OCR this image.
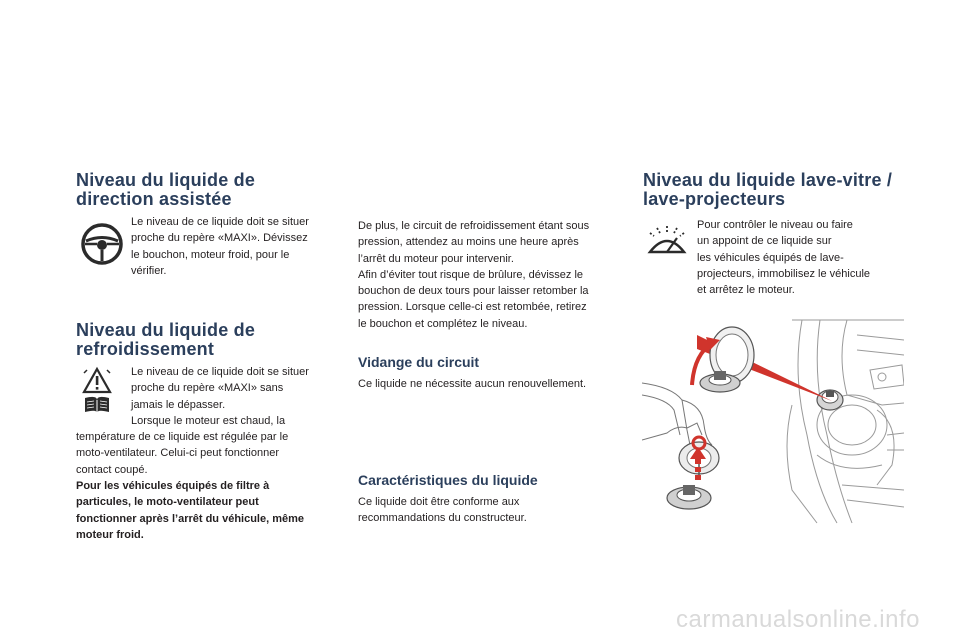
Niveau du liquide de
direction assistée
Le niveau de ce liquide doit se situer
proche du repère «MAXI». Dévissez
le bouchon, moteur froid, pour le
vérifier.
Niveau du liquide de
refroidissement
Le niveau de ce liquide doit se situer
proche du repère «MAXI» sans
jamais le dépasser.
Lorsque le moteur est chaud, la
température de ce liquide est régulée par le
moto-ventilateur. Celui-ci peut fonctionner
contact coupé.
Pour les véhicules équipés de filtre à
particules, le moto-ventilateur peut
fonctionner après l’arrêt du véhicule, même
moteur froid.
De plus, le circuit de refroidissement étant sous
pression, attendez au moins une heure après
l’arrêt du moteur pour intervenir.
Afin d’éviter tout risque de brûlure, dévissez le
bouchon de deux tours pour laisser retomber la
pression. Lorsque celle-ci est retombée, retirez
le bouchon et complétez le niveau.
Vidange du circuit
Ce liquide ne nécessite aucun renouvellement.
Caractéristiques du liquide
Ce liquide doit être conforme aux
recommandations du constructeur.
Niveau du liquide lave-vitre /
lave-projecteurs
Pour contrôler le niveau ou faire
un appoint de ce liquide sur
les véhicules équipés de lave-
projecteurs, immobilisez le véhicule
et arrêtez le moteur.
carmanualsonline.info
